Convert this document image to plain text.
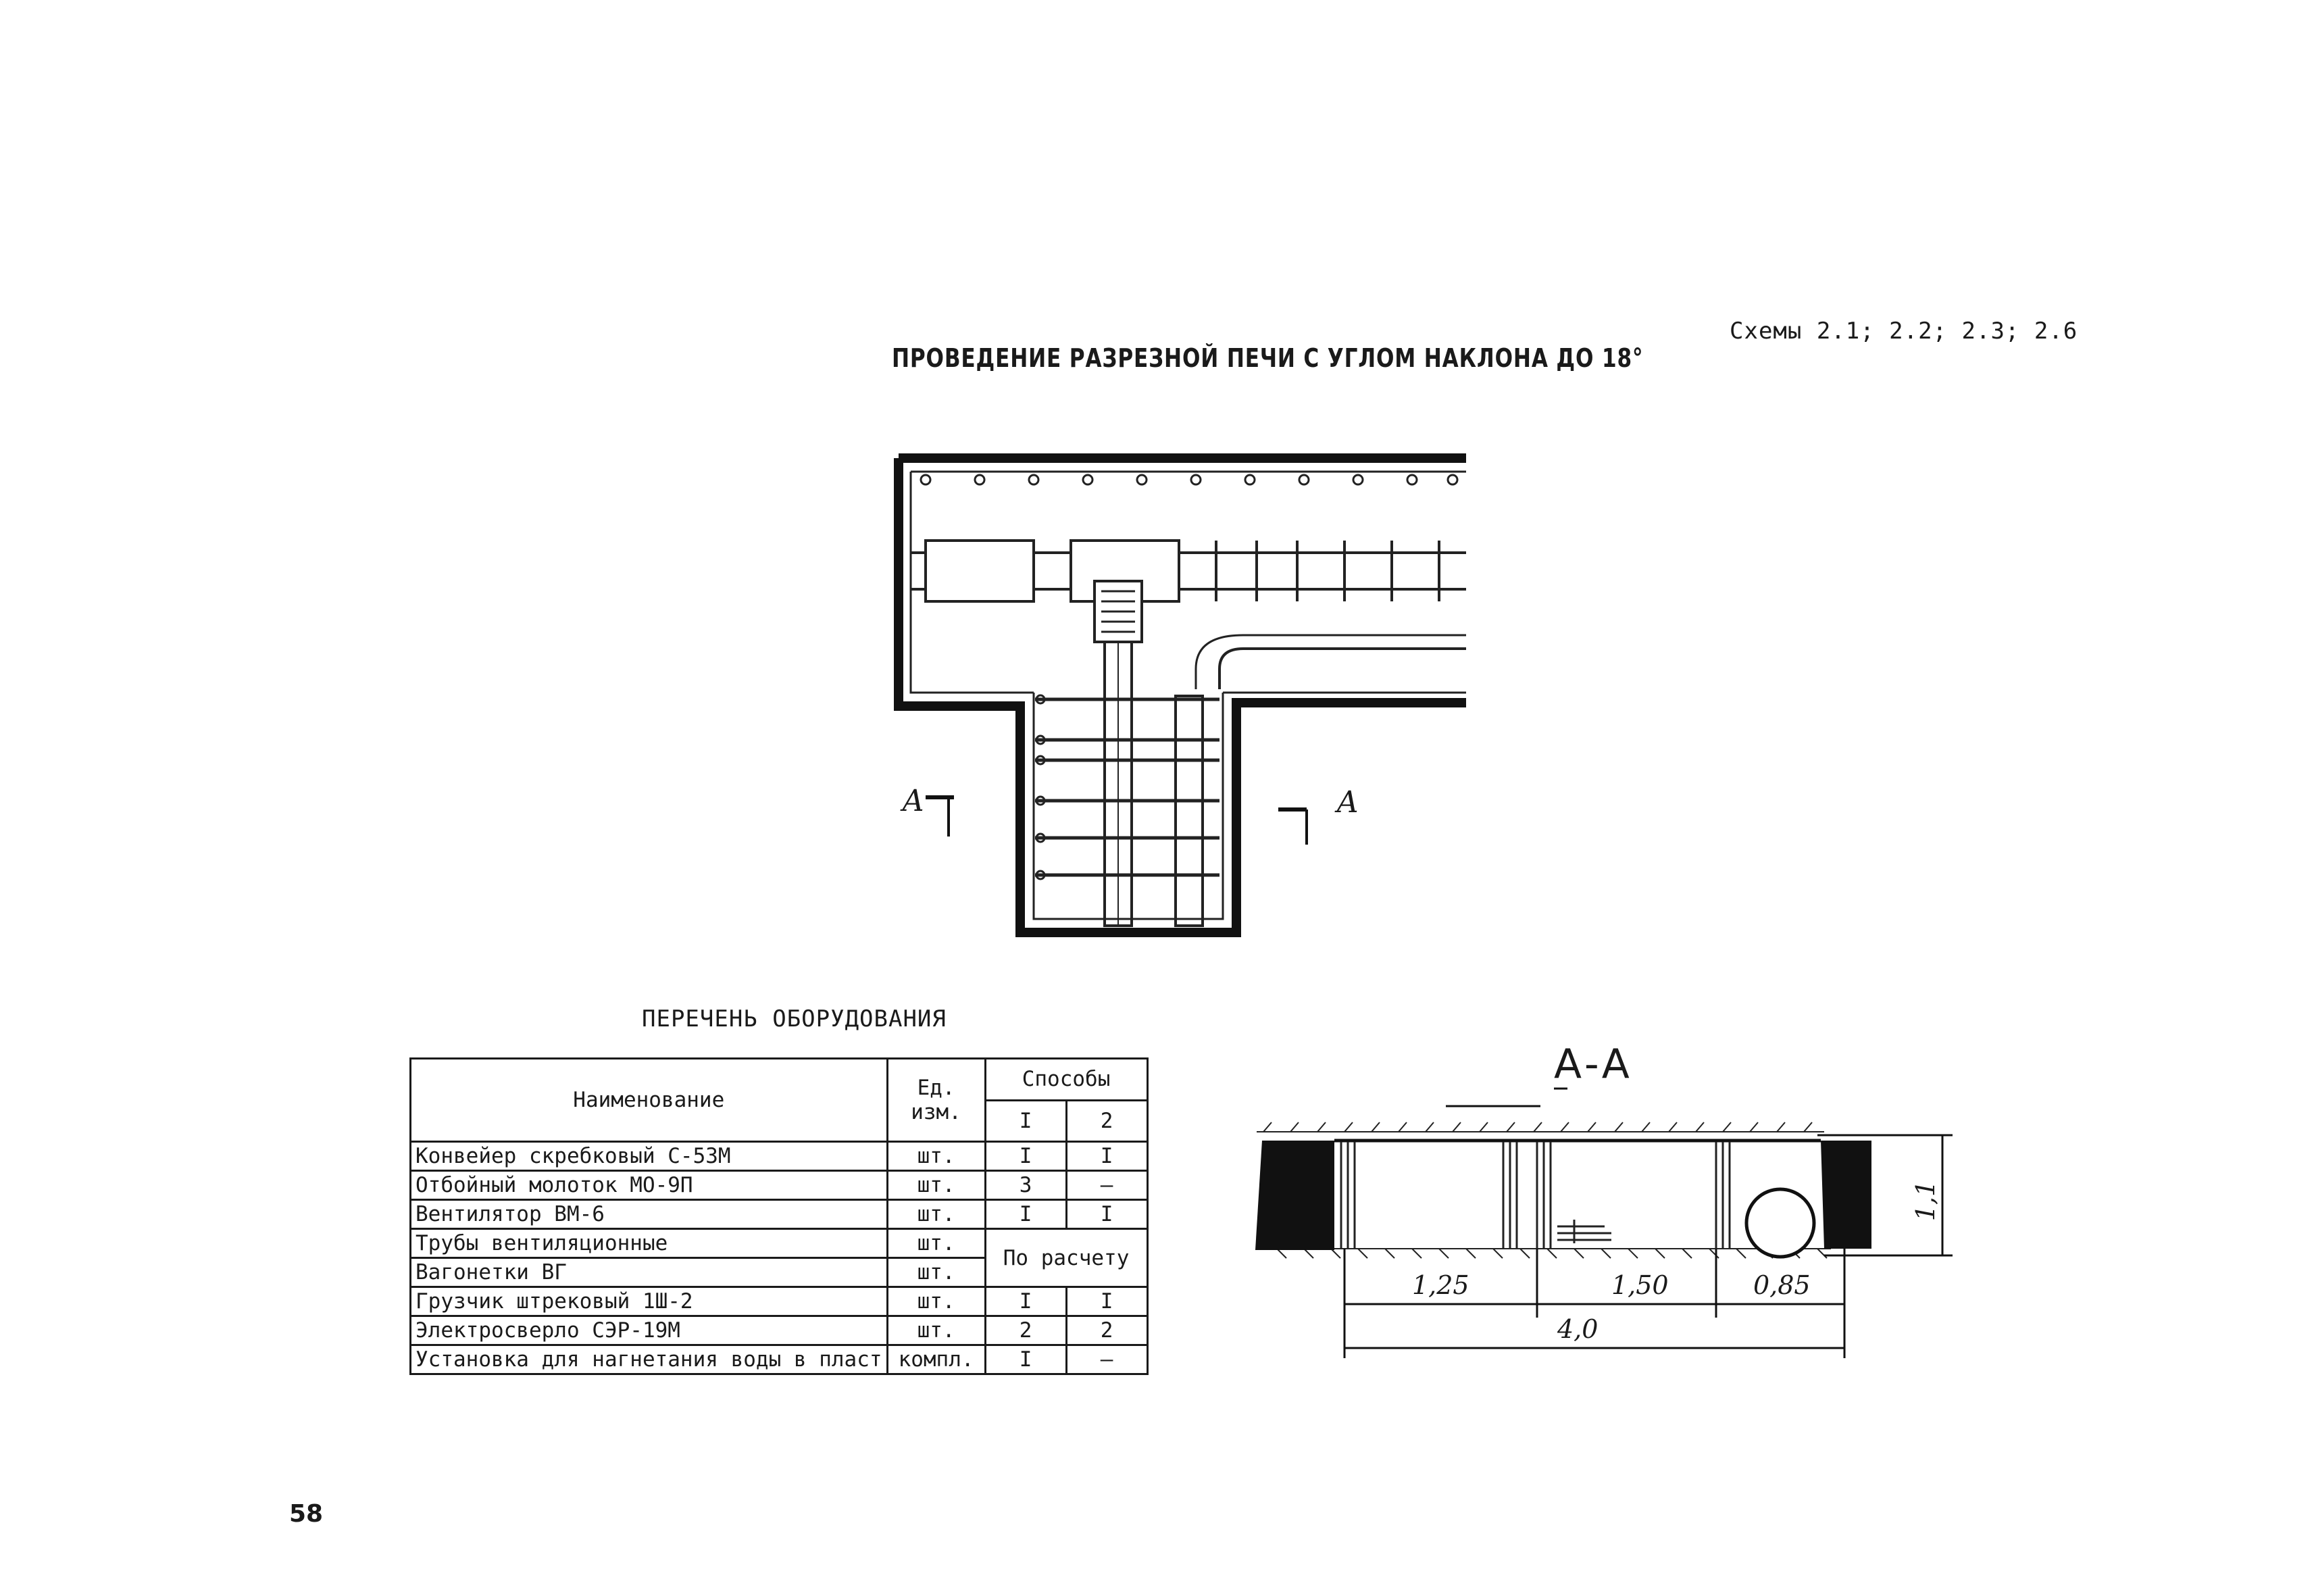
Схемы 2.1; 2.2; 2.3; 2.6
ПРОВЕДЕНИЕ РАЗРЕЗНОЙ ПЕЧИ С УГЛОМ НАКЛОНА ДО 18°
А	А
ПЕРЕЧЕНЬ ОБОРУДОВАНИЯ
Наименование	Ед. изм.	Способы	
		I	2
Конвейер скребковый С-53М	шт.	I	I
Отбойный молоток МО-9П	шт.	3	–
Вентилятор ВМ-6	шт.	I	I
Трубы вентиляционные	шт.	По расчету	
Вагонетки ВГ	шт.		
Грузчик штрековый 1Ш-2	шт.	I	I
Электросверло СЭР-19М	шт.	2	2
Установка для нагнетания воды в пласт	компл.	I	–
А-А
1,25	1,50	0,85
4,0
1,1
58
